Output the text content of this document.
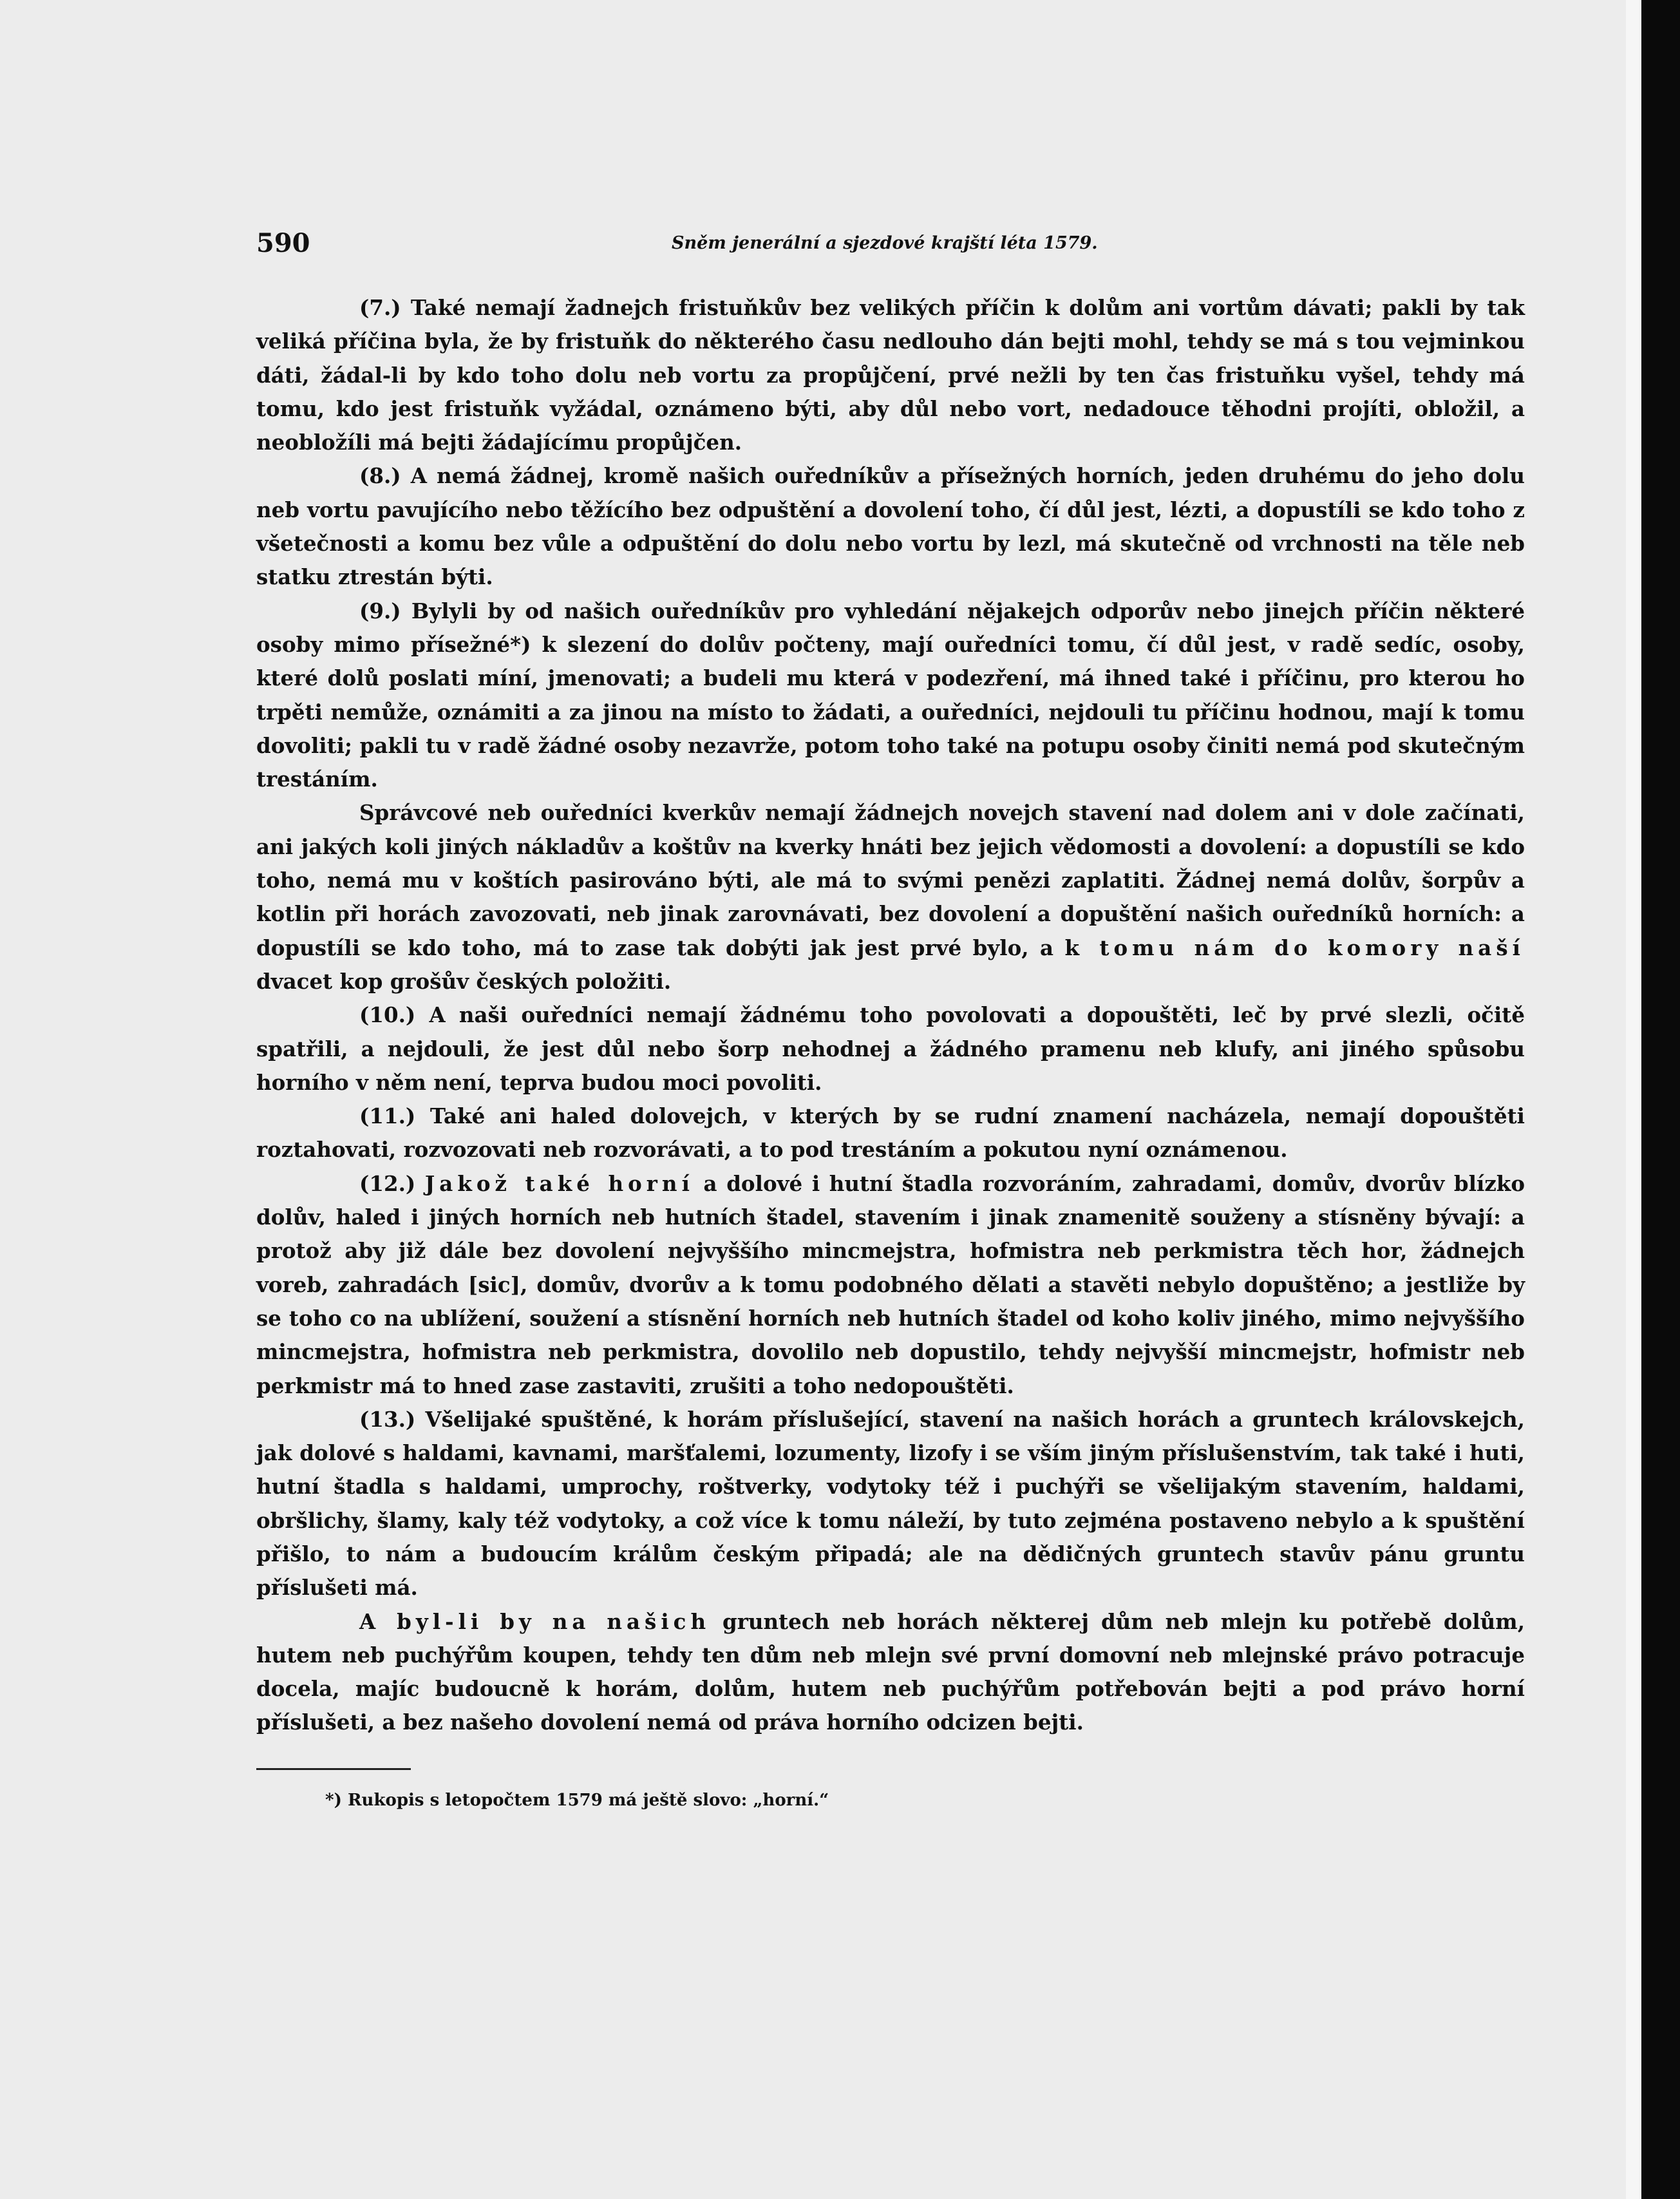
590	Sněm jenerální a sjezdové krajští léta 1579.

(7.) Také nemají žadnejch fristuňkův bez velikých příčin k dolům ani vortům dávati; pakli by tak veliká příčina byla, že by fristuňk do některého času nedlouho dán bejti mohl, tehdy se má s tou vejminkou dáti, žádal-li by kdo toho dolu neb vortu za propůjčení, prvé nežli by ten čas fristuňku vyšel, tehdy má tomu, kdo jest fristuňk vyžádal, oznámeno býti, aby důl nebo vort, nedadouce těhodni projíti, obložil, a neobložíli má bejti žádajícímu propůjčen.

(8.) A nemá žádnej, kromě našich ouředníkův a přísežných horních, jeden druhému do jeho dolu neb vortu pavujícího nebo těžícího bez odpuštění a dovolení toho, čí důl jest, lézti, a dopustíli se kdo toho z všetečnosti a komu bez vůle a odpuštění do dolu nebo vortu by lezl, má skutečně od vrchnosti na těle neb statku ztrestán býti.

(9.) Bylyli by od našich ouředníkův pro vyhledání nějakejch odporův nebo jinejch příčin některé osoby mimo přísežné*) k slezení do dolův počteny, mají ouředníci tomu, čí důl jest, v radě sedíc, osoby, které dolů poslati míní, jmenovati; a budeli mu která v podezření, má ihned také i příčinu, pro kterou ho trpěti nemůže, oznámiti a za jinou na místo to žádati, a ouředníci, nejdouli tu příčinu hodnou, mají k tomu dovoliti; pakli tu v radě žádné osoby nezavrže, potom toho také na potupu osoby činiti nemá pod skutečným trestáním.

Správcové neb ouředníci kverkův nemají žádnejch novejch stavení nad dolem ani v dole začínati, ani jakých koli jiných nákladův a koštův na kverky hnáti bez jejich vědomosti a dovolení: a dopustíli se kdo toho, nemá mu v koštích pasirováno býti, ale má to svými penězi zaplatiti. Žádnej nemá dolův, šorpův a kotlin při horách zavozovati, neb jinak zarovnávati, bez dovolení a dopuštění našich ouředníků horních: a dopustíli se kdo toho, má to zase tak dobýti jak jest prvé bylo, a k tomu nám do komory naší dvacet kop grošův českých položiti.

(10.) A naši ouředníci nemají žádnému toho povolovati a dopouštěti, leč by prvé slezli, očitě spatřili, a nejdouli, že jest důl nebo šorp nehodnej a žádného pramenu neb klufy, ani jiného spůsobu horního v něm není, teprva budou moci povoliti.

(11.) Také ani haled dolovejch, v kterých by se rudní znamení nacházela, nemají dopouštěti roztahovati, rozvozovati neb rozvorávati, a to pod trestáním a pokutou nyní oznámenou.

(12.) Jakož také horní a dolové i hutní štadla rozvoráním, zahradami, domův, dvorův blízko dolův, haled i jiných horních neb hutních štadel, stavením i jinak znamenitě souženy a stísněny bývají: a protož aby již dále bez dovolení nejvyššího mincmejstra, hofmistra neb perkmistra těch hor, žádnejch voreb, zahradách [sic], domův, dvorův a k tomu podobného dělati a stavěti nebylo dopuštěno; a jestliže by se toho co na ublížení, soužení a stísnění horních neb hutních štadel od koho koliv jiného, mimo nejvyššího mincmejstra, hofmistra neb perkmistra, dovolilo neb dopustilo, tehdy nejvyšší mincmejstr, hofmistr neb perkmistr má to hned zase zastaviti, zrušiti a toho nedopouštěti.

(13.) Všelijaké spuštěné, k horám příslušející, stavení na našich horách a gruntech královskejch, jak dolové s haldami, kavnami, maršťalemi, lozumenty, lizofy i se vším jiným příslušenstvím, tak také i huti, hutní štadla s haldami, umprochy, roštverky, vodytoky též i puchýři se všelijakým stavením, haldami, obršlichy, šlamy, kaly též vodytoky, a což více k tomu náleží, by tuto zejména postaveno nebylo a k spuštění přišlo, to nám a budoucím králům českým připadá; ale na dědičných gruntech stavův pánu gruntu příslušeti má.

A byl-li by na našich gruntech neb horách některej dům neb mlejn ku potřebě dolům, hutem neb puchýřům koupen, tehdy ten dům neb mlejn své první domovní neb mlejnské právo potracuje docela, majíc budoucně k horám, dolům, hutem neb puchýřům potřebován bejti a pod právo horní příslušeti, a bez našeho dovolení nemá od práva horního odcizen bejti.

*) Rukopis s letopočtem 1579 má ještě slovo: „horní.“
